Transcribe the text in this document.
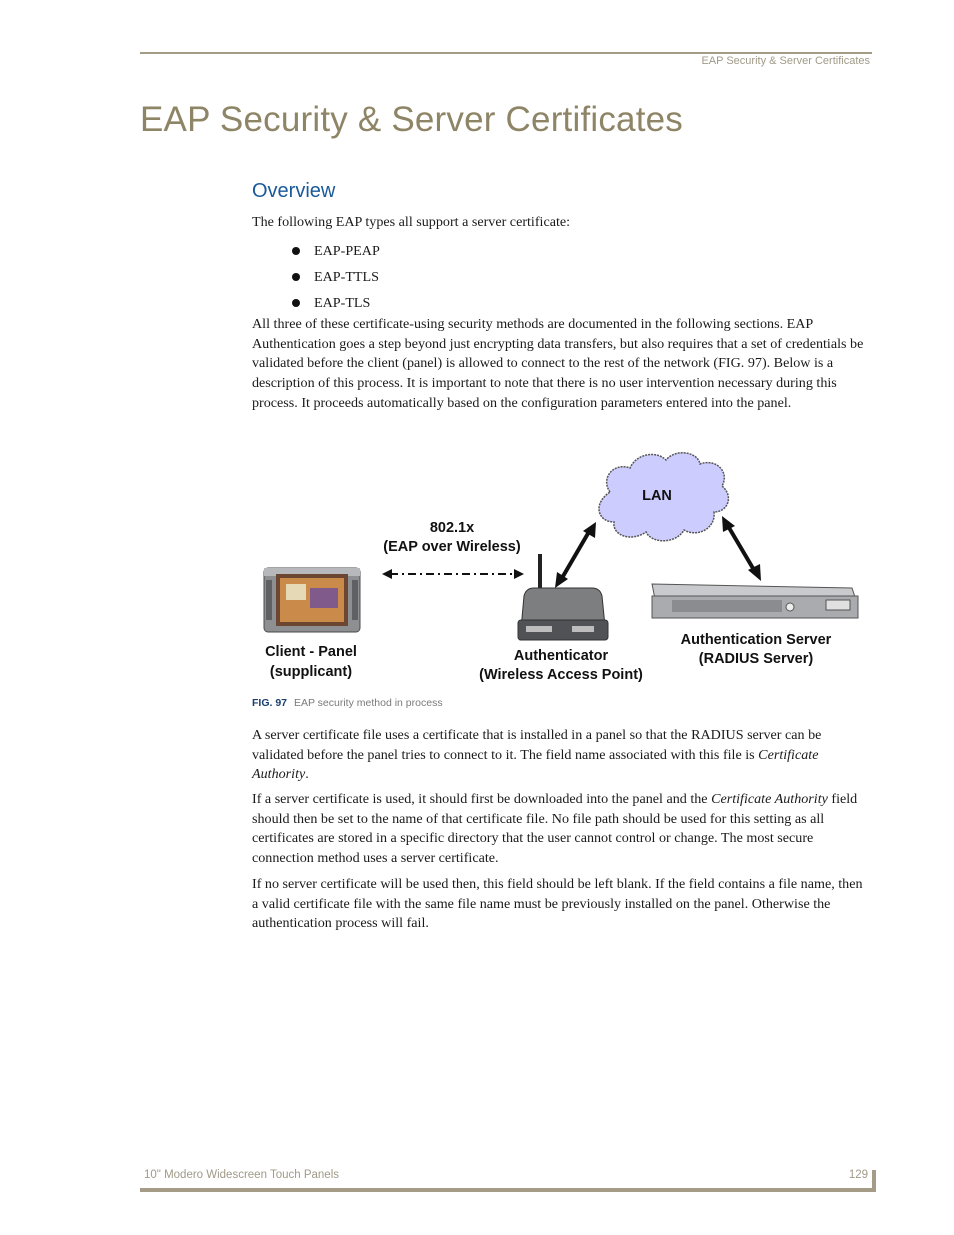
EAP Security & Server Certificates
EAP Security & Server Certificates
Overview

The following EAP types all support a server certificate:

EAP-PEAP
EAP-TTLS
EAP-TLS

All three of these certificate-using security methods are documented in the following sections. EAP Authentication goes a step beyond just encrypting data transfers, but also requires that a set of credentials be validated before the client (panel) is allowed to connect to the rest of the network (FIG. 97). Below is a description of this process. It is important to note that there is no user intervention necessary during this process. It proceeds automatically based on the configuration parameters entered into the panel.

LAN
802.1x
(EAP over Wireless)
Client - Panel
(supplicant)
Authenticator
(Wireless Access Point)
Authentication Server
(RADIUS Server)
FIG. 97 EAP security method in process

A server certificate file uses a certificate that is installed in a panel so that the RADIUS server can be validated before the panel tries to connect to it. The field name associated with this file is Certificate Authority.

If a server certificate is used, it should first be downloaded into the panel and the Certificate Authority field should then be set to the name of that certificate file. No file path should be used for this setting as all certificates are stored in a specific directory that the user cannot control or change. The most secure connection method uses a server certificate.

If no server certificate will be used then, this field should be left blank. If the field contains a file name, then a valid certificate file with the same file name must be previously installed on the panel. Otherwise the authentication process will fail.

10" Modero Widescreen Touch Panels	129
